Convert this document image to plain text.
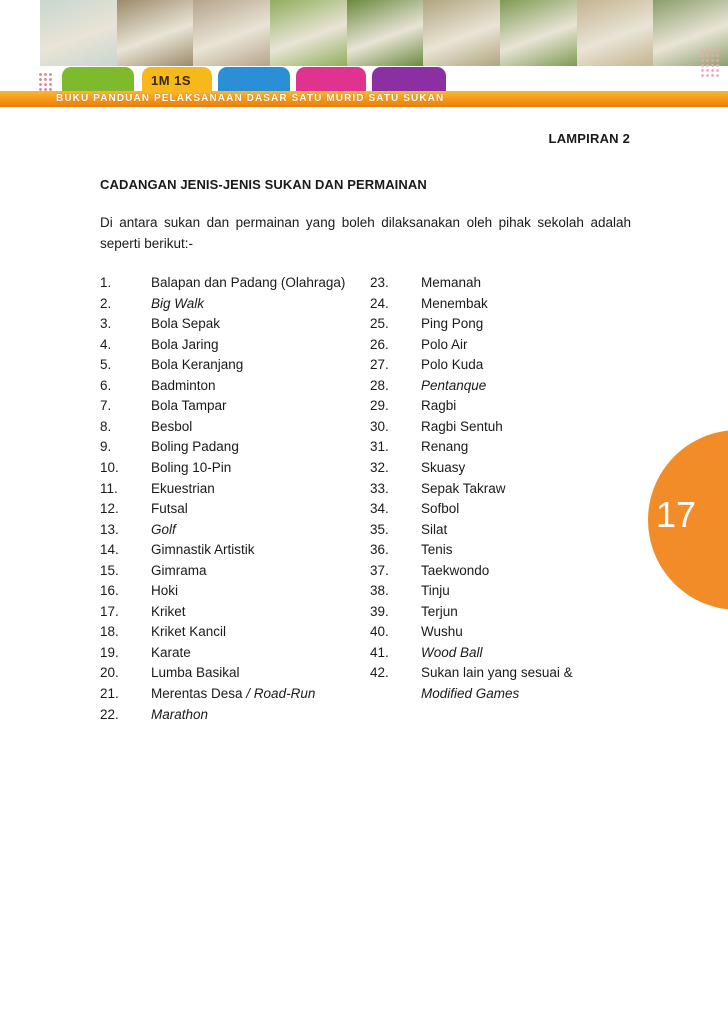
1M 1S
BUKU PANDUAN PELAKSANAAN DASAR SATU MURID SATU SUKAN
LAMPIRAN 2
CADANGAN JENIS-JENIS SUKAN DAN PERMAINAN
Di antara sukan dan permainan yang boleh dilaksanakan oleh pihak sekolah adalah seperti berikut:-
1.	Balapan dan Padang (Olahraga)
2.	Big Walk
3.	Bola Sepak
4.	Bola Jaring
5.	Bola Keranjang
6.	Badminton
7.	Bola Tampar
8.	Besbol
9.	Boling Padang
10. Boling 10-Pin
11. Ekuestrian
12. Futsal
13. Golf
14. Gimnastik Artistik
15. Gimrama
16. Hoki
17. Kriket
18. Kriket Kancil
19. Karate
20. Lumba Basikal
21. Merentas Desa / Road-Run
22. Marathon
23. Memanah
24. Menembak
25. Ping Pong
26. Polo Air
27. Polo Kuda
28. Pentanque
29. Ragbi
30. Ragbi Sentuh
31. Renang
32. Skuasy
33. Sepak Takraw
34. Sofbol
35. Silat
36. Tenis
37. Taekwondo
38. Tinju
39. Terjun
40. Wushu
41. Wood Ball
42. Sukan lain yang sesuai &
Modified Games
17
